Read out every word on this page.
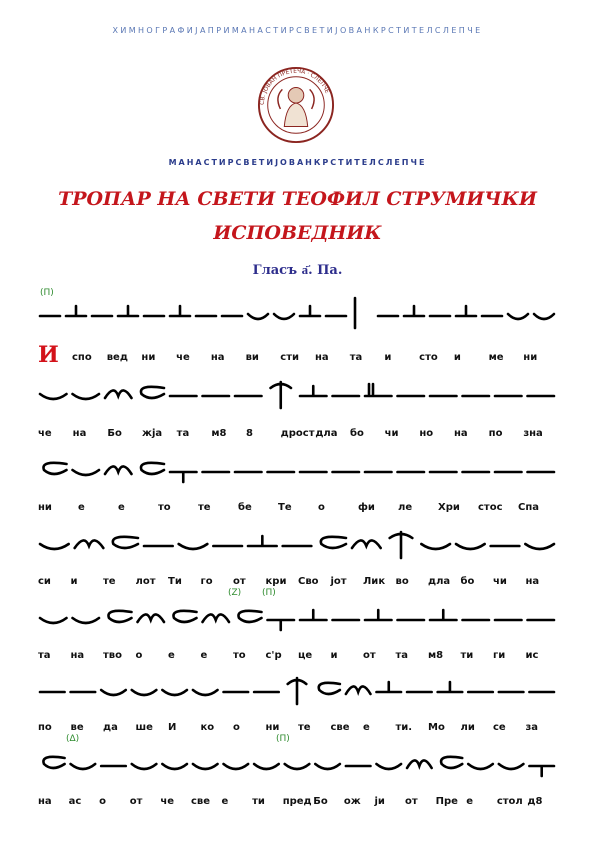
ХИМНОГРАФИЈАПРИМАНАСТИРСВЕТИЈОВАНКРСТИТЕЛСЛЕПЧЕ
СВ. ЈОВАН ПРЕТЕЧА · СЛЕПЧЕ
МАНАСТИРСВЕТИЈОВАНКРСТИТЕЛСЛЕПЧЕ
ТРОПАР НА СВЕТИ ТЕОФИЛ СТРУМИЧКИ
ИСПОВЕДНИК
Гласъ а҃. Па.
И спо вед ни че на ви сти на та и	сто и	ме ни
че на Бо жја та м8 8	дрост дла бо чи но на по зна
ни	е	е	то	те	бе	Те	о	фи ле	Хри стос Спа
си и	те лот Ти го от кри Сво јот Лик во дла бо чи на
та на тво о	е	е	то с'р це и	от та м8 ти ги ис
по ве да ше И ко о	ни те све е	ти. Мо ли се за
на ас о от че све е ти пред Бо ож ји от Пре е стол д8
(П)
(Ζ) (П)
(Δ)	(П)
